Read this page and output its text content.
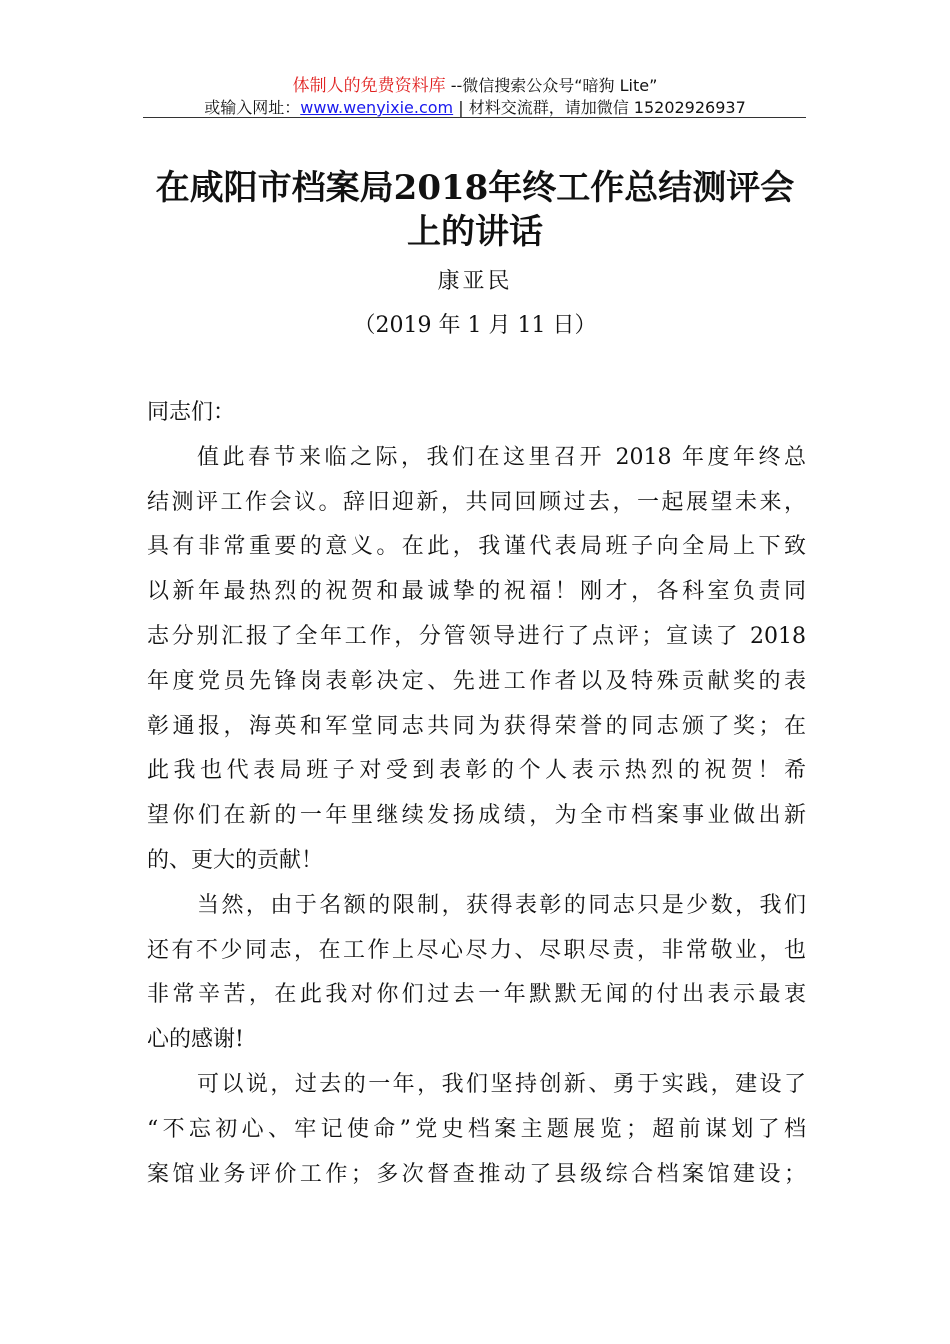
体制人的免费资料库 --微信搜索公众号“暗狗 Lite”
或输入网址：www.wenyixie.com | 材料交流群，请加微信 15202926937
在咸阳市档案局2018年终工作总结测评会
上的讲话
康亚民
（2019 年 1 月 11 日）
同志们：
值此春节来临之际，我们在这里召开 2018 年度年终总
结测评工作会议。辞旧迎新，共同回顾过去，一起展望未来，
具有非常重要的意义。在此，我谨代表局班子向全局上下致
以新年最热烈的祝贺和最诚挚的祝福！刚才，各科室负责同
志分别汇报了全年工作，分管领导进行了点评；宣读了 2018
年度党员先锋岗表彰决定、先进工作者以及特殊贡献奖的表
彰通报，海英和军堂同志共同为获得荣誉的同志颁了奖；在
此我也代表局班子对受到表彰的个人表示热烈的祝贺！希
望你们在新的一年里继续发扬成绩，为全市档案事业做出新
的、更大的贡献！
当然，由于名额的限制，获得表彰的同志只是少数，我们
还有不少同志，在工作上尽心尽力、尽职尽责，非常敬业，也
非常辛苦，在此我对你们过去一年默默无闻的付出表示最衷
心的感谢!
可以说，过去的一年，我们坚持创新、勇于实践，建设了
“不忘初心、牢记使命”党史档案主题展览；超前谋划了档
案馆业务评价工作；多次督查推动了县级综合档案馆建设；
